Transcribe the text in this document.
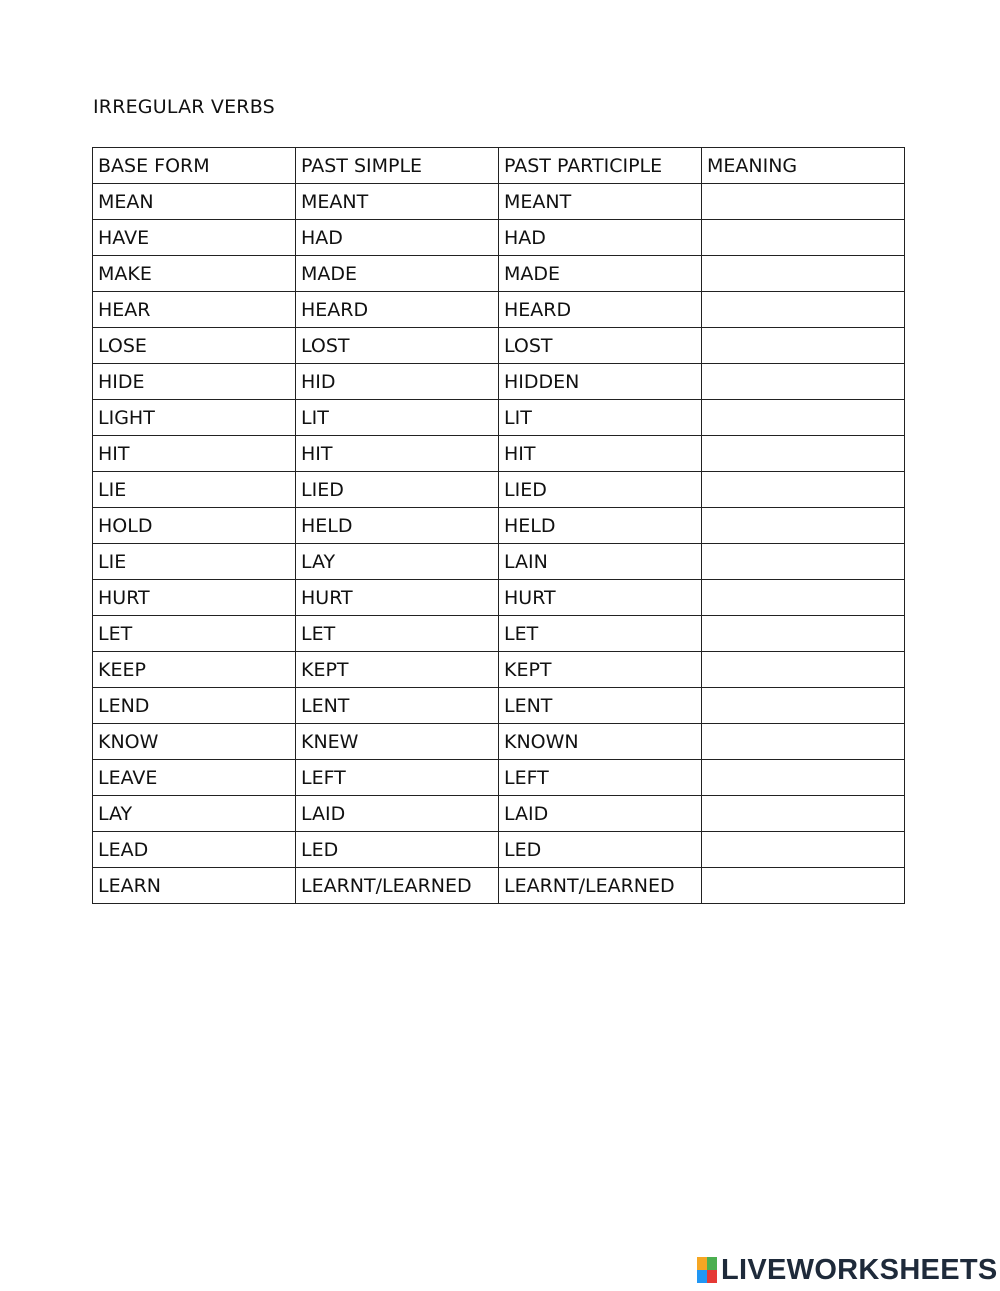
IRREGULAR VERBS
BASE FORM	PAST SIMPLE	PAST PARTICIPLE	MEANING
MEAN	MEANT	MEANT	
HAVE	HAD	HAD	
MAKE	MADE	MADE	
HEAR	HEARD	HEARD	
LOSE	LOST	LOST	
HIDE	HID	HIDDEN	
LIGHT	LIT	LIT	
HIT	HIT	HIT	
LIE	LIED	LIED	
HOLD	HELD	HELD	
LIE	LAY	LAIN	
HURT	HURT	HURT	
LET	LET	LET	
KEEP	KEPT	KEPT	
LEND	LENT	LENT	
KNOW	KNEW	KNOWN	
LEAVE	LEFT	LEFT	
LAY	LAID	LAID	
LEAD	LED	LED	
LEARN	LEARNT/LEARNED	LEARNT/LEARNED	
LIVEWORKSHEETS
